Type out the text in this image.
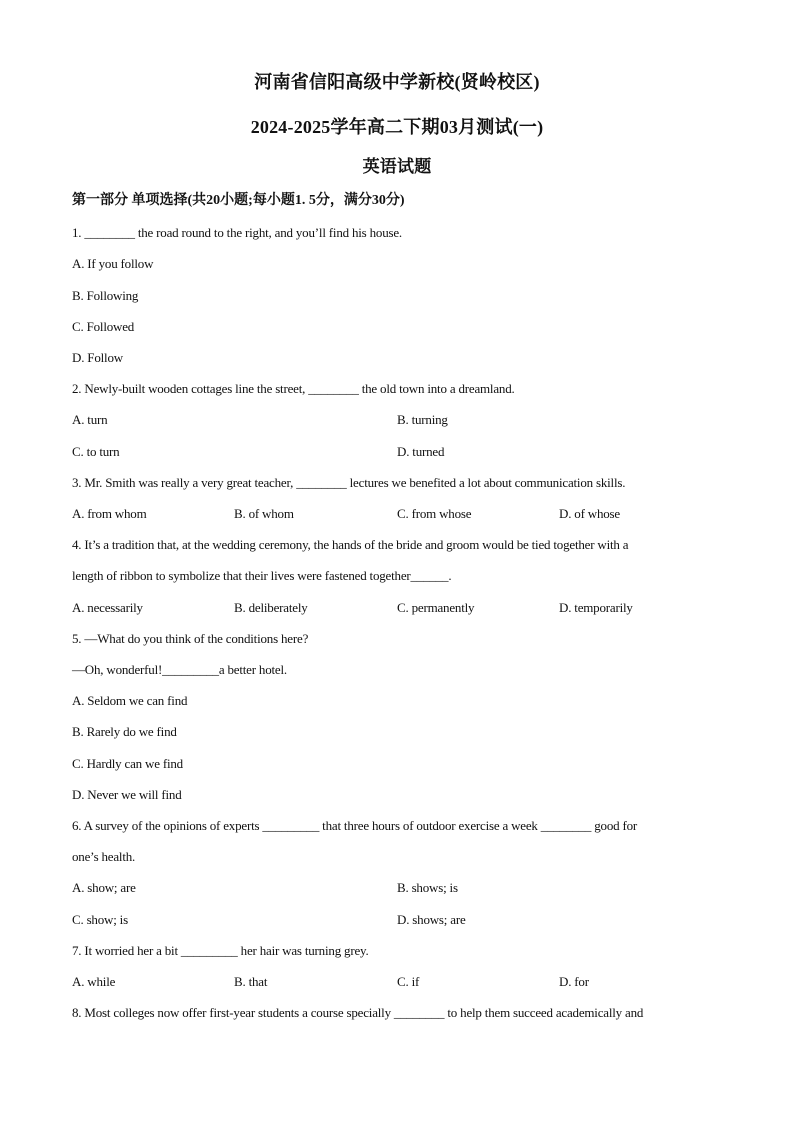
河南省信阳高级中学新校(贤岭校区)
2024-2025学年高二下期03月测试(一)
英语试题
第一部分 单项选择(共20小题;每小题1. 5分，满分30分)
1. ________ the road round to the right, and you’ll find his house.
A. If you follow
B. Following
C. Followed
D. Follow
2. Newly-built wooden cottages line the street, ________ the old town into a dreamland.
A. turn	B. turning
C. to turn	D. turned
3. Mr. Smith was really a very great teacher, ________ lectures we benefited a lot about communication skills.
A. from whom	B. of whom	C. from whose	D. of whose
4. It’s a tradition that, at the wedding ceremony, the hands of the bride and groom would be tied together with a
length of ribbon to symbolize that their lives were fastened together______.
A. necessarily	B. deliberately	C. permanently	D. temporarily
5. —What do you think of the conditions here?
—Oh, wonderful!_________a better hotel.
A. Seldom we can find
B. Rarely do we find
C. Hardly can we find
D. Never we will find
6. A survey of the opinions of experts _________ that three hours of outdoor exercise a week ________ good for
one’s health.
A. show; are	B. shows; is
C. show; is	D. shows; are
7. It worried her a bit _________ her hair was turning grey.
A. while	B. that	C. if	D. for
8. Most colleges now offer first-year students a course specially ________ to help them succeed academically and
